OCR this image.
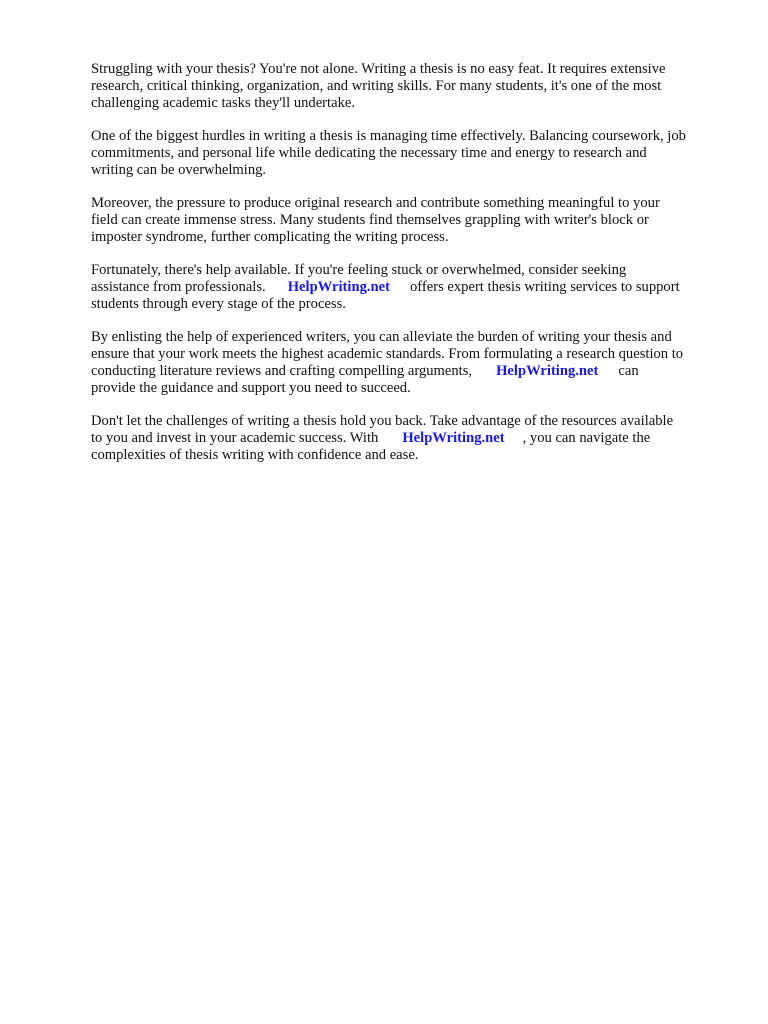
Struggling with your thesis? You're not alone. Writing a thesis is no easy feat. It requires extensive
research, critical thinking, organization, and writing skills. For many students, it's one of the most
challenging academic tasks they'll undertake.

One of the biggest hurdles in writing a thesis is managing time effectively. Balancing coursework, job
commitments, and personal life while dedicating the necessary time and energy to research and
writing can be overwhelming.

Moreover, the pressure to produce original research and contribute something meaningful to your
field can create immense stress. Many students find themselves grappling with writer's block or
imposter syndrome, further complicating the writing process.

Fortunately, there's help available. If you're feeling stuck or overwhelmed, consider seeking
assistance from professionals. HelpWriting.net offers expert thesis writing services to support
students through every stage of the process.

By enlisting the help of experienced writers, you can alleviate the burden of writing your thesis and
ensure that your work meets the highest academic standards. From formulating a research question to
conducting literature reviews and crafting compelling arguments, HelpWriting.net can
provide the guidance and support you need to succeed.

Don't let the challenges of writing a thesis hold you back. Take advantage of the resources available
to you and invest in your academic success. With HelpWriting.net , you can navigate the
complexities of thesis writing with confidence and ease.
